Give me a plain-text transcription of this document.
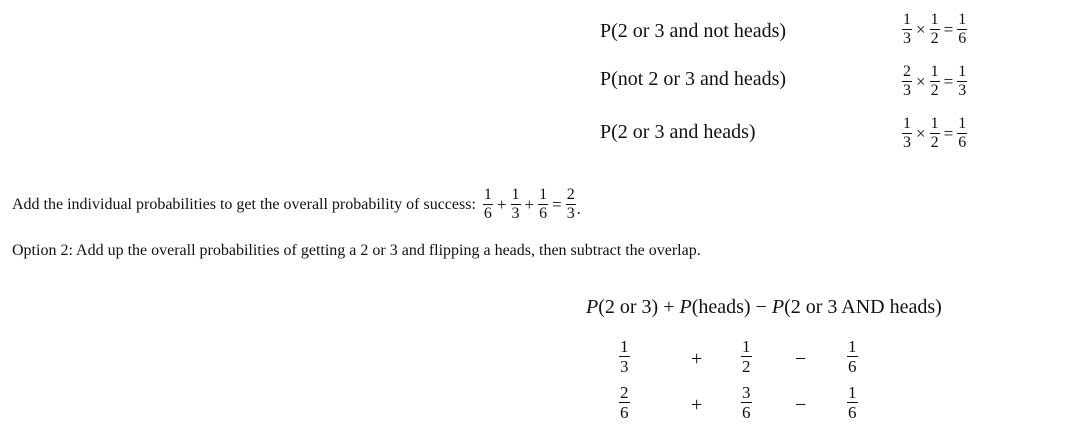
P(2 or 3 and not heads)	$\frac{1}{3} \times \frac{1}{2} = \frac{1}{6}$
P(not 2 or 3 and heads)	$\frac{2}{3} \times \frac{1}{2} = \frac{1}{3}$
P(2 or 3 and heads)	$\frac{1}{3} \times \frac{1}{2} = \frac{1}{6}$
Add the individual probabilities to get the overall probability of success: $\frac{1}{6} + \frac{1}{3} + \frac{1}{6} = \frac{2}{3}$ .
Option 2: Add up the overall probabilities of getting a 2 or 3 and flipping a heads, then subtract the overlap.
P(2 or 3) + P(heads) − P(2 or 3 AND heads)
$\frac{1}{3}$	+ $\frac{1}{2} - \frac{1}{6}$
$\frac{2}{6}$	+ $\frac{3}{6} - \frac{1}{6}$
